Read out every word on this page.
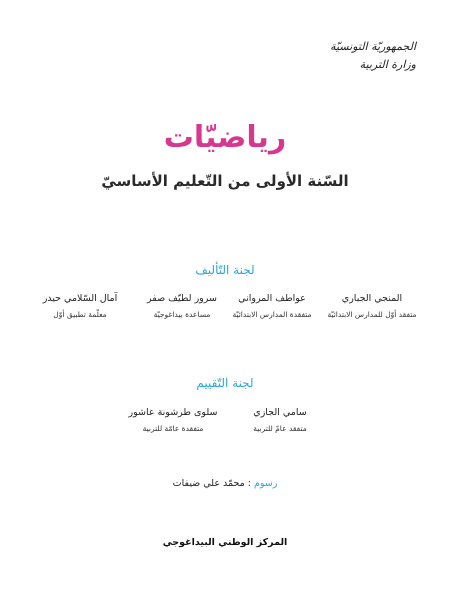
الجمهوريّة التونسيّة
وزارة التربية
رياضيّات
السّنة الأولى من التّعليم الأساسيّ
لجنة التّأليف
المنجي الجباري
متفقد أوّل للمدارس الابتدائيّة
عواطف المرواني
متفقدة المدارس الابتدائيّة
سرور لطيّف صفر
مساعدة بيداغوجيّة
آمال السّلامي حيدر
معلّمة تطبيق أوّل
لجنة التّقييم
سامي الجازي
متفقد عامّ للتربية
سلوى طرشونة عاشور
متفقدة عامّة للتربية
رسوم : محمّد علي ضيفات
المركز الوطني البيداغوجي
